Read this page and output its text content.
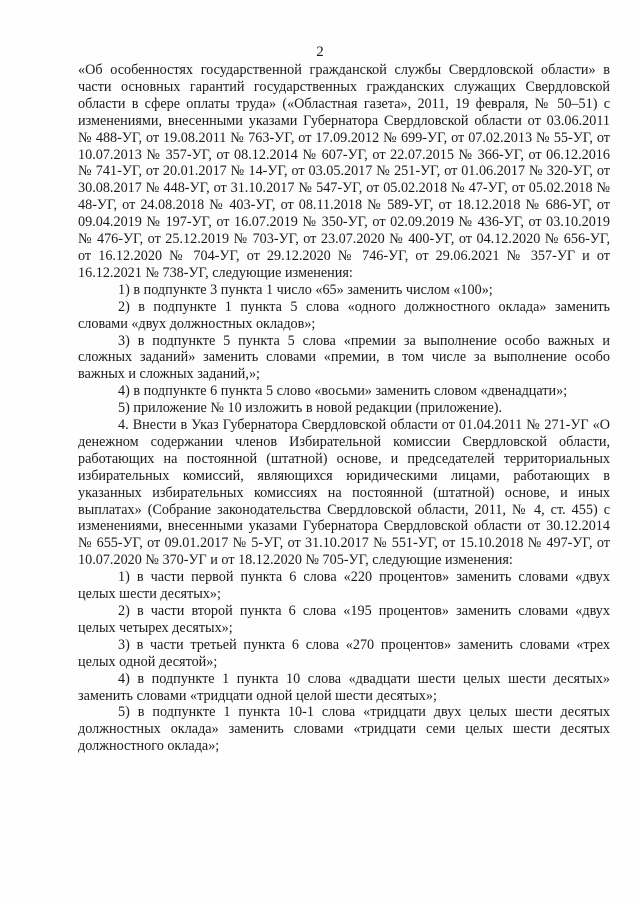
2

«Об особенностях государственной гражданской службы Свердловской области» в части основных гарантий государственных гражданских служащих Свердловской области в сфере оплаты труда» («Областная газета», 2011, 19 февраля, № 50–51) с изменениями, внесенными указами Губернатора Свердловской области от 03.06.2011 № 488-УГ, от 19.08.2011 № 763-УГ, от 17.09.2012 № 699-УГ, от 07.02.2013 № 55-УГ, от 10.07.2013 № 357-УГ, от 08.12.2014 № 607-УГ, от 22.07.2015 № 366-УГ, от 06.12.2016 № 741-УГ, от 20.01.2017 № 14-УГ, от 03.05.2017 № 251-УГ, от 01.06.2017 № 320-УГ, от 30.08.2017 № 448-УГ, от 31.10.2017 № 547-УГ, от 05.02.2018 № 47-УГ, от 05.02.2018 № 48-УГ, от 24.08.2018 № 403-УГ, от 08.11.2018 № 589-УГ, от 18.12.2018 № 686-УГ, от 09.04.2019 № 197-УГ, от 16.07.2019 № 350-УГ, от 02.09.2019 № 436-УГ, от 03.10.2019 № 476-УГ, от 25.12.2019 № 703-УГ, от 23.07.2020 № 400-УГ, от 04.12.2020 № 656-УГ, от 16.12.2020 № 704-УГ, от 29.12.2020 № 746-УГ, от 29.06.2021 № 357-УГ и от 16.12.2021 № 738-УГ, следующие изменения:

1) в подпункте 3 пункта 1 число «65» заменить числом «100»;

2) в подпункте 1 пункта 5 слова «одного должностного оклада» заменить словами «двух должностных окладов»;

3) в подпункте 5 пункта 5 слова «премии за выполнение особо важных и сложных заданий» заменить словами «премии, в том числе за выполнение особо важных и сложных заданий,»;

4) в подпункте 6 пункта 5 слово «восьми» заменить словом «двенадцати»;

5) приложение № 10 изложить в новой редакции (приложение).

4. Внести в Указ Губернатора Свердловской области от 01.04.2011 № 271-УГ «О денежном содержании членов Избирательной комиссии Свердловской области, работающих на постоянной (штатной) основе, и председателей территориальных избирательных комиссий, являющихся юридическими лицами, работающих в указанных избирательных комиссиях на постоянной (штатной) основе, и иных выплатах» (Собрание законодательства Свердловской области, 2011, № 4, ст. 455) с изменениями, внесенными указами Губернатора Свердловской области от 30.12.2014 № 655-УГ, от 09.01.2017 № 5-УГ, от 31.10.2017 № 551-УГ, от 15.10.2018 № 497-УГ, от 10.07.2020 № 370-УГ и от 18.12.2020 № 705-УГ, следующие изменения:

1) в части первой пункта 6 слова «220 процентов» заменить словами «двух целых шести десятых»;

2) в части второй пункта 6 слова «195 процентов» заменить словами «двух целых четырех десятых»;

3) в части третьей пункта 6 слова «270 процентов» заменить словами «трех целых одной десятой»;

4) в подпункте 1 пункта 10 слова «двадцати шести целых шести десятых» заменить словами «тридцати одной целой шести десятых»;

5) в подпункте 1 пункта 10-1 слова «тридцати двух целых шести десятых должностных оклада» заменить словами «тридцати семи целых шести десятых должностного оклада»;
